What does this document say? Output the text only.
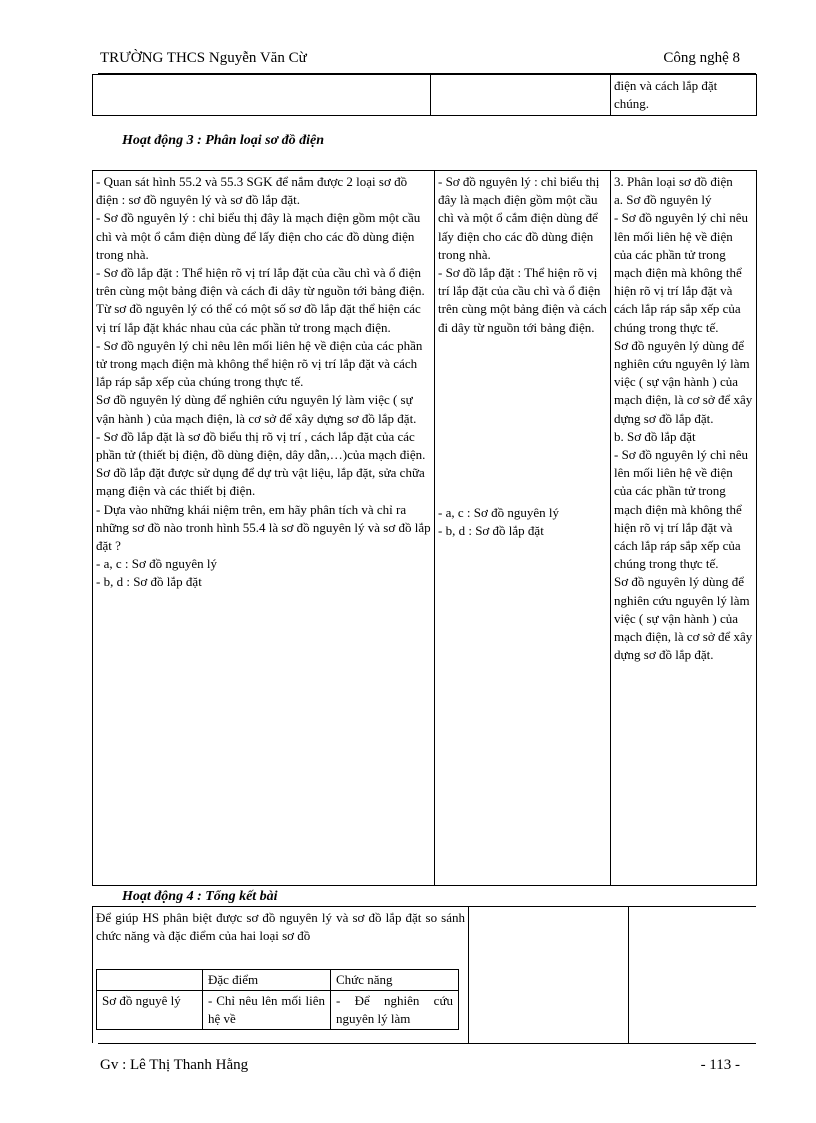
TRƯỜNG THCS Nguyễn Văn Cừ	Công nghệ 8
		điện và cách lắp đặt chúng.
Hoạt động 3 : Phân loại sơ đồ điện
- Quan sát hình 55.2 và 55.3 SGK để nắm được 2 loại sơ đồ điện : sơ đồ nguyên lý và sơ đồ lắp đặt.
- Sơ đồ nguyên lý : chỉ biểu thị đây là mạch điện gồm một cầu chì và một ổ cắm điện dùng để lấy điện cho các đồ dùng điện trong nhà.
- Sơ đồ lắp đặt : Thể hiện rõ vị trí lắp đặt của cầu chì và ổ điện trên cùng một bảng điện và cách đi dây từ nguồn tới bảng điện.
Từ sơ đồ nguyên lý có thể có một số sơ đồ lắp đặt thể hiện các vị trí lắp đặt khác nhau của các phần tử trong mạch điện.
- Sơ đồ nguyên lý chỉ nêu lên mối liên hệ về điện của các phần tử trong mạch điện mà không thể hiện rõ vị trí lắp đặt và cách lắp ráp sắp xếp của chúng trong thực tế.
Sơ đồ nguyên lý dùng để nghiên cứu nguyên lý làm việc ( sự vận hành ) của mạch điện, là cơ sở để xây dựng sơ đồ lắp đặt.
- Sơ đồ lắp đặt là sơ đồ biểu thị rõ vị trí , cách lắp đặt của các phần tử (thiết bị điện, đồ dùng điện, dây dẫn,…)của mạch điện.
Sơ đồ lắp đặt được sử dụng để dự trù vật liệu, lắp đặt, sửa chữa mạng điện và các thiết bị điện.
- Dựa vào những khái niệm trên, em hãy phân tích và chỉ ra những sơ đồ nào tronh hình 55.4 là sơ đồ nguyên lý và sơ đồ lắp đặt ?
- a, c : Sơ đồ nguyên lý
- b, d : Sơ đồ lắp đặt

- Sơ đồ nguyên lý : chỉ biểu thị đây là mạch điện gồm một cầu chì và một ổ cắm điện dùng để lấy điện cho các đồ dùng điện trong nhà.
- Sơ đồ lắp đặt : Thể hiện rõ vị trí lắp đặt của cầu chì và ổ điện trên cùng một bảng điện và cách đi dây từ nguồn tới bảng điện.
- a, c : Sơ đồ nguyên lý
- b, d : Sơ đồ lắp đặt

3. Phân loại sơ đồ điện
a. Sơ đồ nguyên lý
- Sơ đồ nguyên lý chỉ nêu lên mối liên hệ về điện của các phần tử trong mạch điện mà không thể hiện rõ vị trí lắp đặt và cách lắp ráp sắp xếp của chúng trong thực tế.
Sơ đồ nguyên lý dùng để nghiên cứu nguyên lý làm việc ( sự vận hành ) của mạch điện, là cơ sở để xây dựng sơ đồ lắp đặt.
b. Sơ đồ lắp đặt
- Sơ đồ nguyên lý chỉ nêu lên mối liên hệ về điện của các phần tử trong mạch điện mà không thể hiện rõ vị trí lắp đặt và cách lắp ráp sắp xếp của chúng trong thực tế.
Sơ đồ nguyên lý dùng để nghiên cứu nguyên lý làm việc ( sự vận hành ) của mạch điện, là cơ sở để xây dựng sơ đồ lắp đặt.
Hoạt động 4 : Tổng kết bài
Để giúp HS phân biệt được sơ đồ nguyên lý và sơ đồ lắp đặt so sánh chức năng và đặc điểm của hai loại sơ đồ
	Đặc điểm	Chức năng
Sơ đồ nguyê lý	- Chỉ nêu lên mối liên hệ về	- Để nghiên cứu nguyên lý làm

Gv : Lê Thị Thanh Hằng	- 113 -
